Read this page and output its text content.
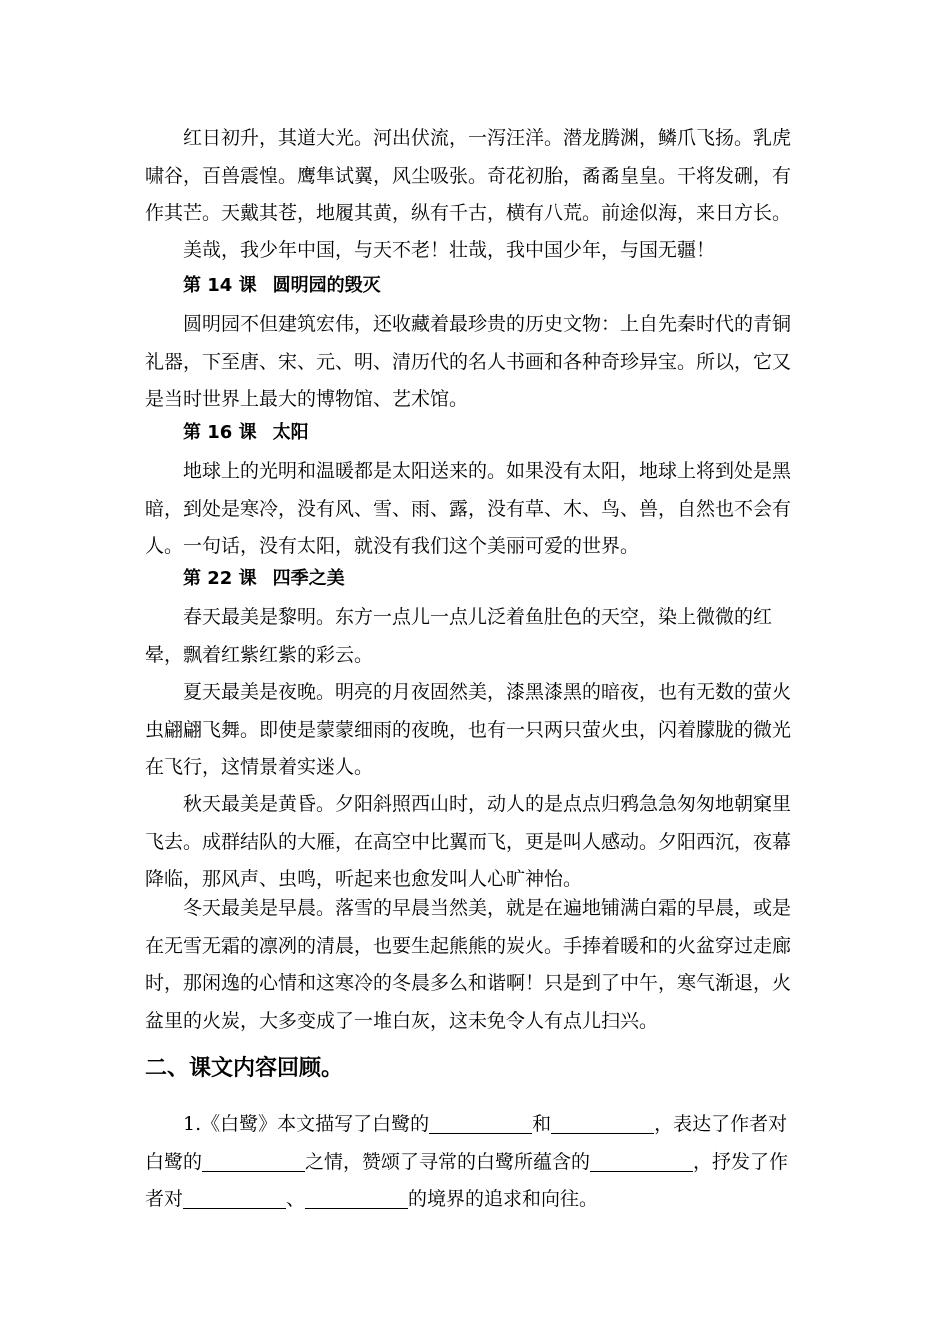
红日初升，其道大光。河出伏流，一泻汪洋。潜龙腾渊，鳞爪飞扬。乳虎
啸谷，百兽震惶。鹰隼试翼，风尘吸张。奇花初胎，矞矞皇皇。干将发硎，有
作其芒。天戴其苍，地履其黄，纵有千古，横有八荒。前途似海，来日方长。
美哉，我少年中国，与天不老！壮哉，我中国少年，与国无疆！
第 14 课 圆明园的毁灭
圆明园不但建筑宏伟，还收藏着最珍贵的历史文物：上自先秦时代的青铜
礼器，下至唐、宋、元、明、清历代的名人书画和各种奇珍异宝。所以，它又
是当时世界上最大的博物馆、艺术馆。
第 16 课 太阳
地球上的光明和温暖都是太阳送来的。如果没有太阳，地球上将到处是黑
暗，到处是寒冷，没有风、雪、雨、露，没有草、木、鸟、兽，自然也不会有
人。一句话，没有太阳，就没有我们这个美丽可爱的世界。
第 22 课 四季之美
春天最美是黎明。东方一点儿一点儿泛着鱼肚色的天空，染上微微的红
晕，飘着红紫红紫的彩云。
夏天最美是夜晚。明亮的月夜固然美，漆黑漆黑的暗夜，也有无数的萤火
虫翩翩飞舞。即使是蒙蒙细雨的夜晚，也有一只两只萤火虫，闪着朦胧的微光
在飞行，这情景着实迷人。
秋天最美是黄昏。夕阳斜照西山时，动人的是点点归鸦急急匆匆地朝窠里
飞去。成群结队的大雁，在高空中比翼而飞，更是叫人感动。夕阳西沉，夜幕
降临，那风声、虫鸣，听起来也愈发叫人心旷神怡。
冬天最美是早晨。落雪的早晨当然美，就是在遍地铺满白霜的早晨，或是
在无雪无霜的凛冽的清晨，也要生起熊熊的炭火。手捧着暖和的火盆穿过走廊
时，那闲逸的心情和这寒冷的冬晨多么和谐啊！只是到了中午，寒气渐退，火
盆里的火炭，大多变成了一堆白灰，这未免令人有点儿扫兴。
二、课文内容回顾。
1.《白鹭》本文描写了白鹭的	和	，表达了作者对
白鹭的	之情，赞颂了寻常的白鹭所蕴含的	，抒发了作
者对	、	的境界的追求和向往。
